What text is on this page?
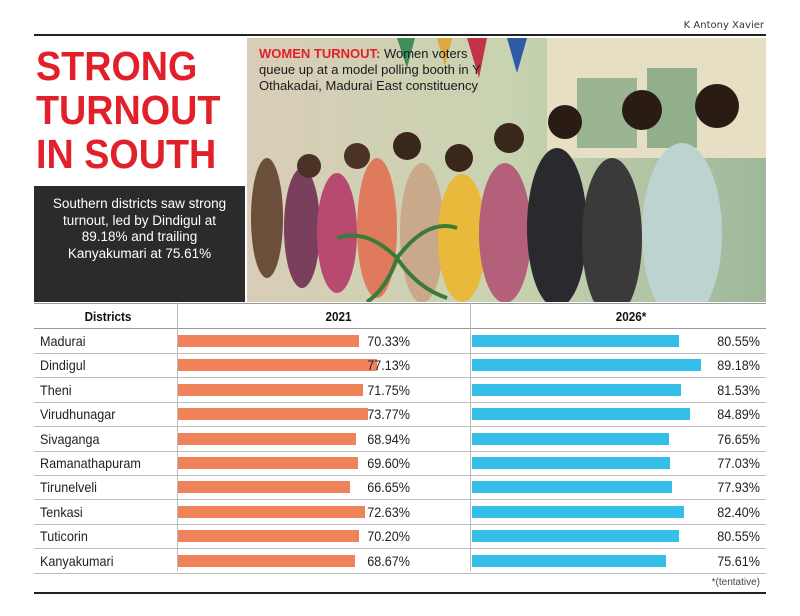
K Antony Xavier
STRONG
TURNOUT
IN SOUTH
Southern districts saw strong turnout, led by Dindigul at 89.18% and trailing Kanyakumari at 75.61%
WOMEN TURNOUT: Women voters queue up at a model polling booth in Y Othakadai, Madurai East constituency
Districts	2021	2026*
Madurai	70.33%	80.55%
Dindigul	77.13%	89.18%
Theni	71.75%	81.53%
Virudhunagar	73.77%	84.89%
Sivaganga	68.94%	76.65%
Ramanathapuram	69.60%	77.03%
Tirunelveli	66.65%	77.93%
Tenkasi	72.63%	82.40%
Tuticorin	70.20%	80.55%
Kanyakumari	68.67%	75.61%
*(tentative)
